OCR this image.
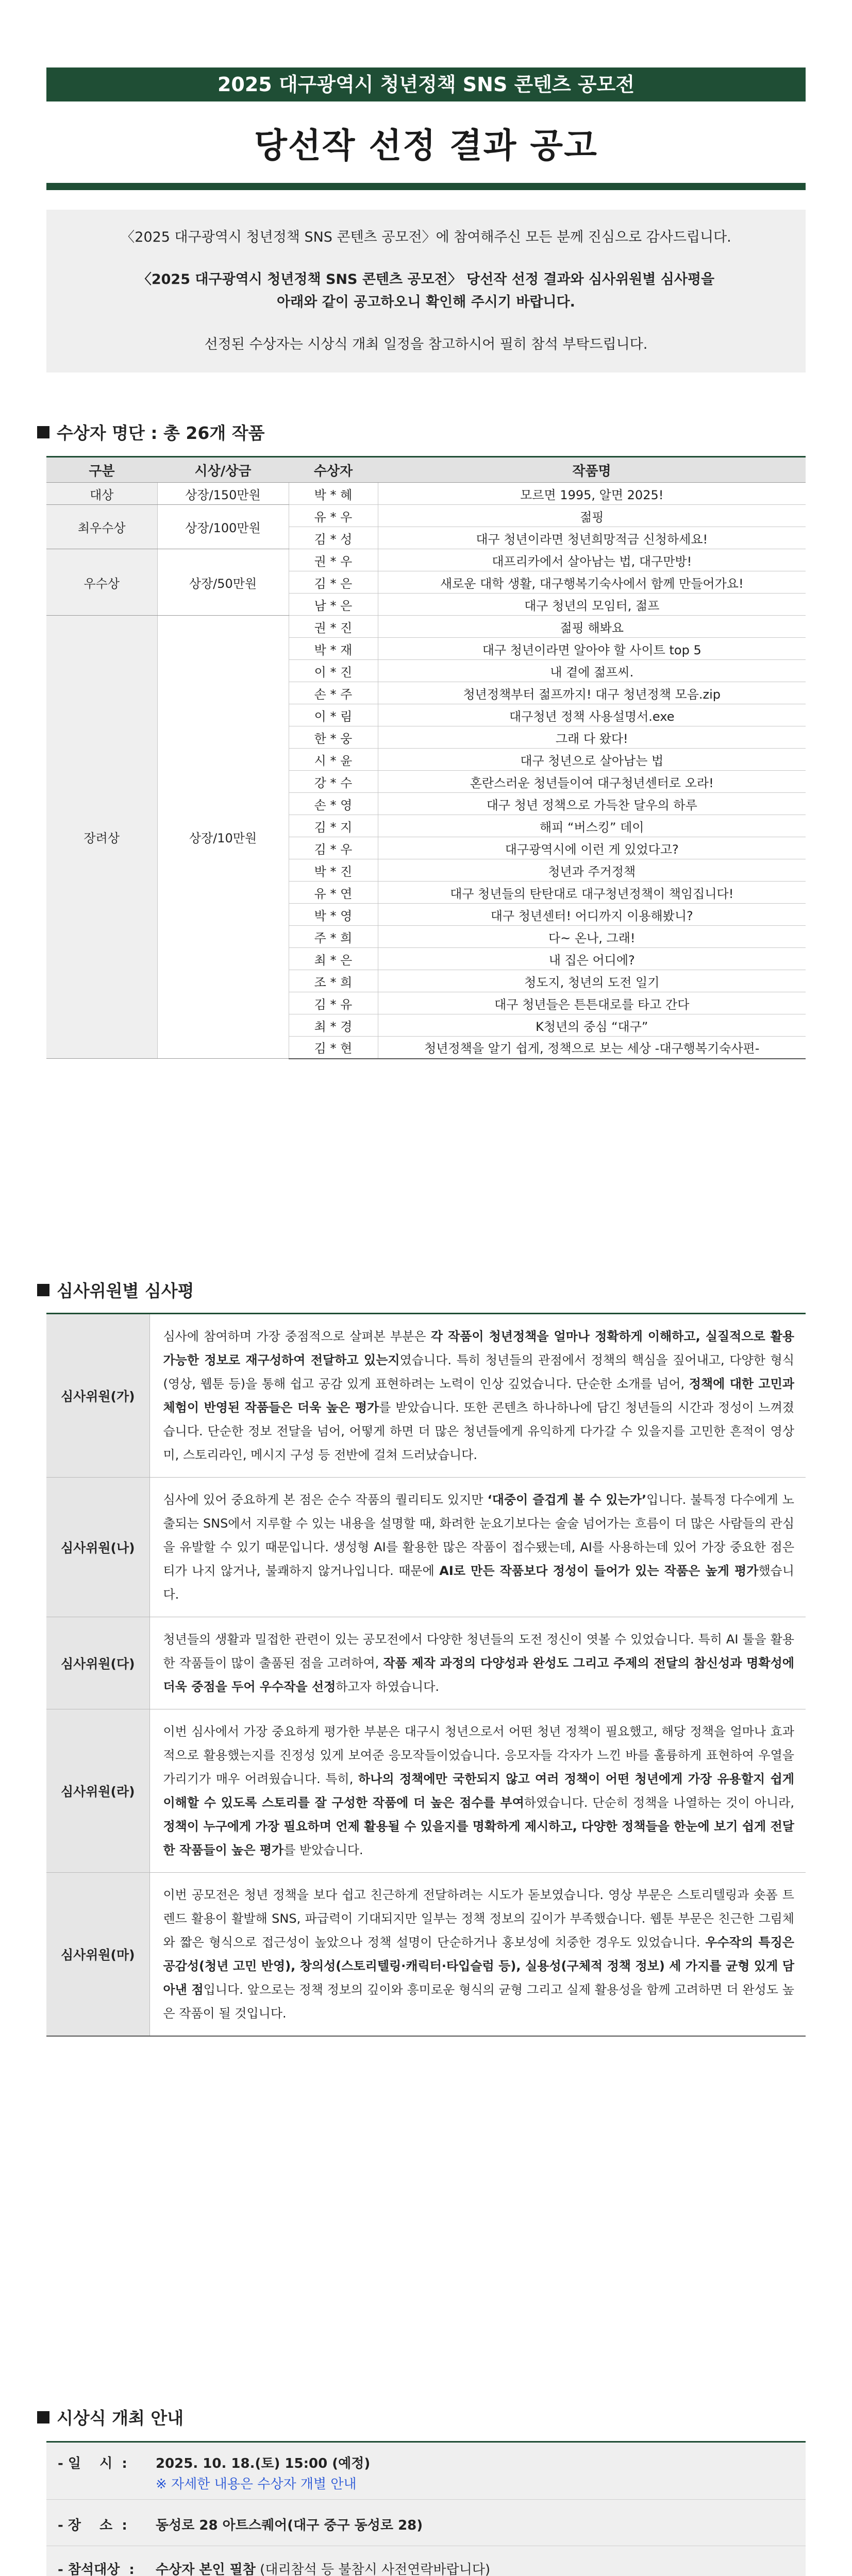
2025 대구광역시 청년정책 SNS 콘텐츠 공모전
당선작 선정 결과 공고

〈2025 대구광역시 청년정책 SNS 콘텐츠 공모전〉에 참여해주신 모든 분께 진심으로 감사드립니다.

〈2025 대구광역시 청년정책 SNS 콘텐츠 공모전〉 당선작 선정 결과와 심사위원별 심사평을

아래와 같이 공고하오니 확인해 주시기 바랍니다.

선정된 수상자는 시상식 개최 일정을 참고하시어 필히 참석 부탁드립니다.

수상자 명단 : 총 26개 작품
구분	시상/상금	수상자	작품명
대상	상장/150만원	박 * 혜	모르면 1995, 알면 2025!
최우수상	상장/100만원	유 * 우	젊핑
		김 * 성	대구 청년이라면 청년희망적금 신청하세요!
우수상	상장/50만원	권 * 우	대프리카에서 살아남는 법, 대구만방!
		김 * 은	새로운 대학 생활, 대구행복기숙사에서 함께 만들어가요!
		남 * 은	대구 청년의 모임터, 젊프
장려상	상장/10만원	권 * 진	젊핑 해봐요
		박 * 재	대구 청년이라면 알아야 할 사이트 top 5
		이 * 진	내 곁에 젊프씨.
		손 * 주	청년정책부터 젊프까지! 대구 청년정책 모음.zip
		이 * 림	대구청년 정책 사용설명서.exe
		한 * 웅	그래 다 왔다!
		시 * 윤	대구 청년으로 살아남는 법
		강 * 수	혼란스러운 청년들이여 대구청년센터로 오라!
		손 * 영	대구 청년 정책으로 가득찬 달우의 하루
		김 * 지	해피 “버스킹” 데이
		김 * 우	대구광역시에 이런 게 있었다고?
		박 * 진	청년과 주거정책
		유 * 연	대구 청년들의 탄탄대로 대구청년정책이 책임집니다!
		박 * 영	대구 청년센터! 어디까지 이용해봤니?
		주 * 희	다~ 온나, 그래!
		최 * 은	내 집은 어디에?
		조 * 희	청도지, 청년의 도전 일기
		김 * 유	대구 청년들은 튼튼대로를 타고 간다
		최 * 경	K청년의 중심 “대구”
		김 * 현	청년정책을 알기 쉽게, 정책으로 보는 세상 -대구행복기숙사편-
심사위원별 심사평
심사위원(가)	심사에 참여하며 가장 중점적으로 살펴본 부분은 각 작품이 청년정책을 얼마나 정확하게 이해하고, 실질적으로 활용 가능한 정보로 재구성하여 전달하고 있는지였습니다. 특히 청년들의 관점에서 정책의 핵심을 짚어내고, 다양한 형식(영상, 웹툰 등)을 통해 쉽고 공감 있게 표현하려는 노력이 인상 깊었습니다. 단순한 소개를 넘어, 정책에 대한 고민과 체험이 반영된 작품들은 더욱 높은 평가를 받았습니다. 또한 콘텐츠 하나하나에 담긴 청년들의 시간과 정성이 느껴졌습니다. 단순한 정보 전달을 넘어, 어떻게 하면 더 많은 청년들에게 유익하게 다가갈 수 있을지를 고민한 흔적이 영상미, 스토리라인, 메시지 구성 등 전반에 걸쳐 드러났습니다.
심사위원(나)	심사에 있어 중요하게 본 점은 순수 작품의 퀄리티도 있지만 ‘대중이 즐겁게 볼 수 있는가’입니다. 불특정 다수에게 노출되는 SNS에서 지루할 수 있는 내용을 설명할 때, 화려한 눈요기보다는 술술 넘어가는 흐름이 더 많은 사람들의 관심을 유발할 수 있기 때문입니다. 생성형 AI를 활용한 많은 작품이 접수됐는데, AI를 사용하는데 있어 가장 중요한 점은 티가 나지 않거나, 불쾌하지 않거나입니다. 때문에 AI로 만든 작품보다 정성이 들어가 있는 작품은 높게 평가했습니다.
심사위원(다)	청년들의 생활과 밀접한 관련이 있는 공모전에서 다양한 청년들의 도전 정신이 엿볼 수 있었습니다. 특히 AI 툴을 활용한 작품들이 많이 출품된 점을 고려하여, 작품 제작 과정의 다양성과 완성도 그리고 주제의 전달의 참신성과 명확성에 더욱 중점을 두어 우수작을 선정하고자 하였습니다.
심사위원(라)	이번 심사에서 가장 중요하게 평가한 부분은 대구시 청년으로서 어떤 청년 정책이 필요했고, 해당 정책을 얼마나 효과적으로 활용했는지를 진정성 있게 보여준 응모작들이었습니다. 응모자들 각자가 느낀 바를 훌륭하게 표현하여 우열을 가리기가 매우 어려웠습니다. 특히, 하나의 정책에만 국한되지 않고 여러 정책이 어떤 청년에게 가장 유용할지 쉽게 이해할 수 있도록 스토리를 잘 구성한 작품에 더 높은 점수를 부여하였습니다. 단순히 정책을 나열하는 것이 아니라, 정책이 누구에게 가장 필요하며 언제 활용될 수 있을지를 명확하게 제시하고, 다양한 정책들을 한눈에 보기 쉽게 전달한 작품들이 높은 평가를 받았습니다.
심사위원(마)	이번 공모전은 청년 정책을 보다 쉽고 친근하게 전달하려는 시도가 돋보였습니다. 영상 부문은 스토리텔링과 숏폼 트렌드 활용이 활발해 SNS, 파급력이 기대되지만 일부는 정책 정보의 깊이가 부족했습니다. 웹툰 부문은 친근한 그림체와 짧은 형식으로 접근성이 높았으나 정책 설명이 단순하거나 홍보성에 치중한 경우도 있었습니다. 우수작의 특징은 공감성(청년 고민 반영), 창의성(스토리텔링·캐릭터·타입슬럼 등), 실용성(구체적 정책 정보) 세 가지를 균형 있게 담아낸 점입니다. 앞으로는 정책 정보의 깊이와 흥미로운 형식의 균형 그리고 실제 활용성을 함께 고려하면 더 완성도 높은 작품이 될 것입니다.
시상식 개최 안내
- 일    시  :	2025. 10. 18.(토) 15:00 (예정)
※ 자세한 내용은 수상자 개별 안내
- 장    소  :	동성로 28 아트스퀘어(대구 중구 동성로 28)
- 참석대상  :	수상자 본인 필참 (대리참석 등 불참시 사전연락바랍니다)
